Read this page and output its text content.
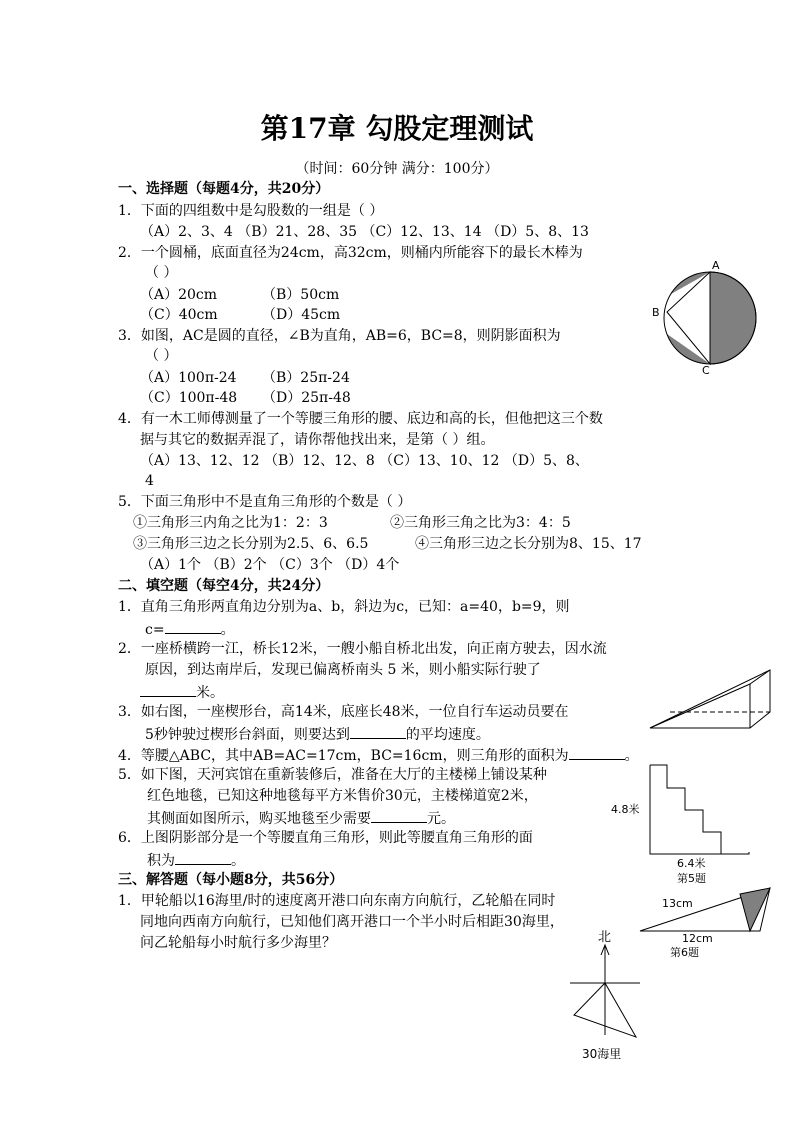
第17章 勾股定理测试
（时间：60分钟 满分：100分）
一、选择题（每题4分，共20分）
1．下面的四组数中是勾股数的一组是（ ）
（A）2、3、4 （B）21、28、35 （C）12、13、14 （D）5、8、13
2．一个圆桶，底面直径为24cm，高32cm，则桶内所能容下的最长木棒为
（ ）
（A）20cm	（B）50cm
（C）40cm	（D）45cm
3．如图，AC是圆的直径，∠B为直角，AB=6，BC=8，则阴影面积为
（ ）
（A）100π-24 （B）25π-24
（C）100π-48 （D）25π-48
4．有一木工师傅测量了一个等腰三角形的腰、底边和高的长，但他把这三个数
据与其它的数据弄混了，请你帮他找出来，是第（ ）组。
（A）13、12、12 （B）12、12、8 （C）13、10、12 （D）5、8、
4
5．下面三角形中不是直角三角形的个数是（ ）
①三角形三内角之比为1：2：3	②三角形三角之比为3：4：5
③三角形三边之长分别为2.5、6、6.5	④三角形三边之长分别为8、15、17
（A）1个 （B）2个 （C）3个 （D）4个
A
B
C
二、填空题（每空4分，共24分）
1．直角三角形两直角边分别为a、b，斜边为c，已知：a=40，b=9，则
c=	。
2．一座桥横跨一江，桥长12米，一艘小船自桥北出发，向正南方驶去，因水流
原因，到达南岸后，发现已偏离桥南头 5 米，则小船实际行驶了
米。
3．如右图，一座楔形台，高14米，底座长48米，一位自行车运动员要在
5秒钟驶过楔形台斜面，则要达到	的平均速度。
4．等腰△ABC，其中AB=AC=17cm，BC=16cm，则三角形的面积为	。
5．如下图，天河宾馆在重新装修后，准备在大厅的主楼梯上铺设某种
红色地毯，已知这种地毯每平方米售价30元，主楼梯道宽2米，
其侧面如图所示，购买地毯至少需要	元。
6．上图阴影部分是一个等腰直角三角形，则此等腰直角三角形的面
积为	。
4.8米
6.4米
第5题
13cm
12cm
第6题
三、解答题（每小题8分，共56分）
1．甲轮船以16海里/时的速度离开港口向东南方向航行，乙轮船在同时
同地向西南方向航行，已知他们离开港口一个半小时后相距30海里，
问乙轮船每小时航行多少海里？	北
30海里
